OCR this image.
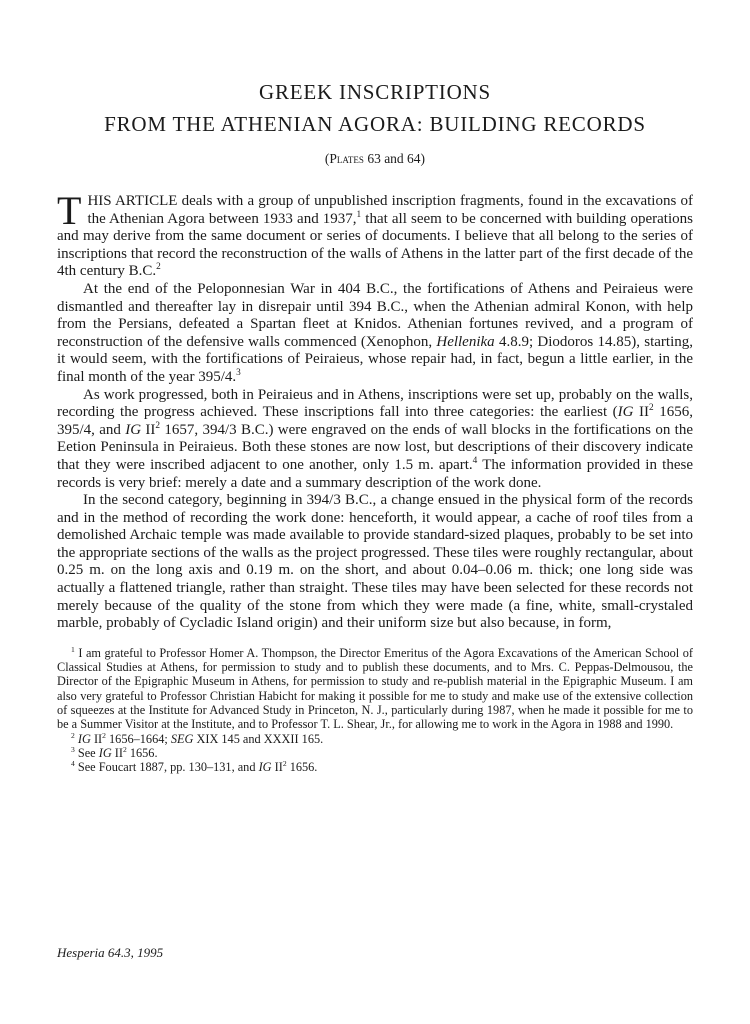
GREEK INSCRIPTIONS
FROM THE ATHENIAN AGORA: BUILDING RECORDS
(Plates 63 and 64)

THIS ARTICLE deals with a group of unpublished inscription fragments, found in the excavations of the Athenian Agora between 1933 and 1937,$^1$ that all seem to be concerned with building operations and may derive from the same document or series of documents. I believe that all belong to the series of inscriptions that record the reconstruction of the walls of Athens in the latter part of the first decade of the 4th century B.C.$^2$

At the end of the Peloponnesian War in 404 B.C., the fortifications of Athens and Peiraieus were dismantled and thereafter lay in disrepair until 394 B.C., when the Athenian admiral Konon, with help from the Persians, defeated a Spartan fleet at Knidos. Athenian fortunes revived, and a program of reconstruction of the defensive walls commenced (Xenophon, Hellenika 4.8.9; Diodoros 14.85), starting, it would seem, with the fortifications of Peiraieus, whose repair had, in fact, begun a little earlier, in the final month of the year 395/4.$^3$

As work progressed, both in Peiraieus and in Athens, inscriptions were set up, probably on the walls, recording the progress achieved. These inscriptions fall into three categories: the earliest (IG $II^2$ 1656, 395/4, and IG $II^2$ 1657, 394/3 B.C.) were engraved on the ends of wall blocks in the fortifications on the Eetion Peninsula in Peiraieus. Both these stones are now lost, but descriptions of their discovery indicate that they were inscribed adjacent to one another, only 1.5 m. apart.$^4$ The information provided in these records is very brief: merely a date and a summary description of the work done.

In the second category, beginning in 394/3 B.C., a change ensued in the physical form of the records and in the method of recording the work done: henceforth, it would appear, a cache of roof tiles from a demolished Archaic temple was made available to provide standard-sized plaques, probably to be set into the appropriate sections of the walls as the project progressed. These tiles were roughly rectangular, about 0.25 m. on the long axis and 0.19 m. on the short, and about 0.04–0.06 m. thick; one long side was actually a flattened triangle, rather than straight. These tiles may have been selected for these records not merely because of the quality of the stone from which they were made (a fine, white, small-crystaled marble, probably of Cycladic Island origin) and their uniform size but also because, in form,

$^1$ I am grateful to Professor Homer A. Thompson, the Director Emeritus of the Agora Excavations of the American School of Classical Studies at Athens, for permission to study and to publish these documents, and to Mrs. C. Peppas-Delmousou, the Director of the Epigraphic Museum in Athens, for permission to study and re-publish material in the Epigraphic Museum. I am also very grateful to Professor Christian Habicht for making it possible for me to study and make use of the extensive collection of squeezes at the Institute for Advanced Study in Princeton, N. J., particularly during 1987, when he made it possible for me to be a Summer Visitor at the Institute, and to Professor T. L. Shear, Jr., for allowing me to work in the Agora in 1988 and 1990.

$^2$ IG $II^2$ 1656–1664; SEG XIX 145 and XXXII 165.

$^3$ See IG $II^2$ 1656.

$^4$ See Foucart 1887, pp. 130–131, and IG $II^2$ 1656.

Hesperia 64.3, 1995
